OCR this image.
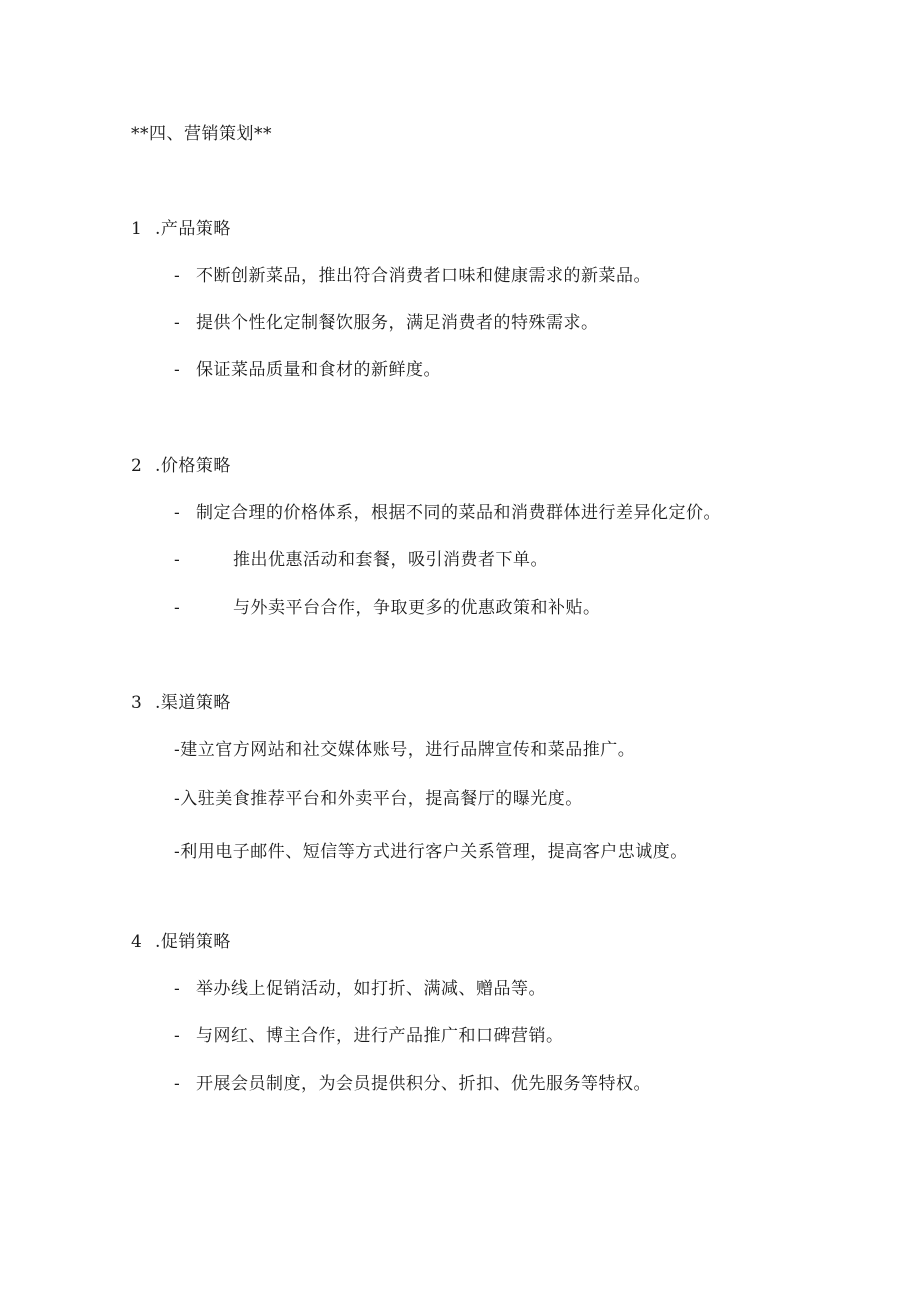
**四、营销策划**
1 .产品策略
- 不断创新菜品，推出符合消费者口味和健康需求的新菜品。
- 提供个性化定制餐饮服务，满足消费者的特殊需求。
- 保证菜品质量和食材的新鲜度。
2 .价格策略
- 制定合理的价格体系，根据不同的菜品和消费群体进行差异化定价。
-	推出优惠活动和套餐，吸引消费者下单。
-	与外卖平台合作，争取更多的优惠政策和补贴。
3 .渠道策略
-建立官方网站和社交媒体账号，进行品牌宣传和菜品推广。
-入驻美食推荐平台和外卖平台，提高餐厅的曝光度。
-利用电子邮件、短信等方式进行客户关系管理，提高客户忠诚度。
4 .促销策略
- 举办线上促销活动，如打折、满减、赠品等。
- 与网红、博主合作，进行产品推广和口碑营销。
- 开展会员制度，为会员提供积分、折扣、优先服务等特权。
